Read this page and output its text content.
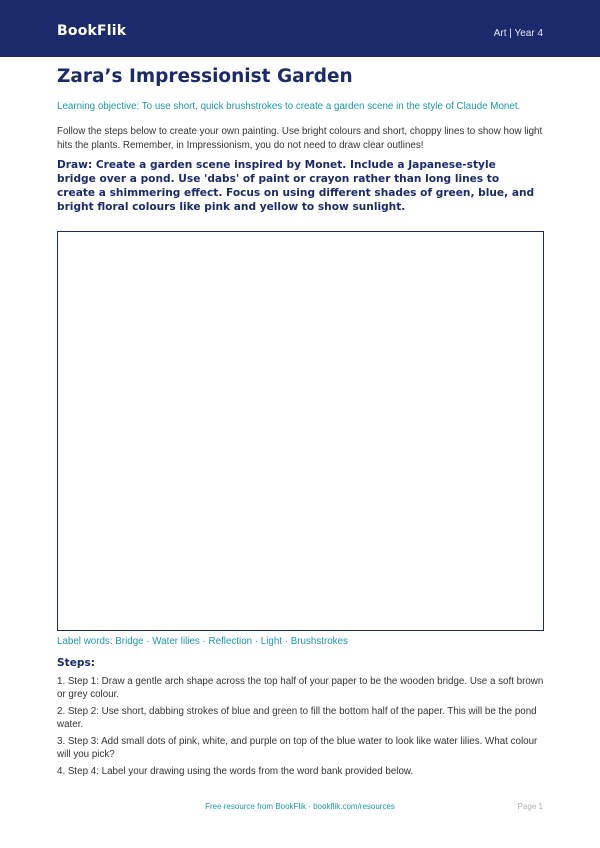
BookFlik	Art | Year 4
Zara’s Impressionist Garden

Learning objective: To use short, quick brushstrokes to create a garden scene in the style of Claude Monet.

Follow the steps below to create your own painting. Use bright colours and short, choppy lines to show how light hits the plants. Remember, in Impressionism, you do not need to draw clear outlines!

Draw: Create a garden scene inspired by Monet. Include a Japanese-style bridge over a pond. Use 'dabs' of paint or crayon rather than long lines to create a shimmering effect. Focus on using different shades of green, blue, and bright floral colours like pink and yellow to show sunlight.

Label words: Bridge · Water lilies · Reflection · Light · Brushstrokes

Steps:
1. Step 1: Draw a gentle arch shape across the top half of your paper to be the wooden bridge. Use a soft brown or grey colour.
2. Step 2: Use short, dabbing strokes of blue and green to fill the bottom half of the paper. This will be the pond water.
3. Step 3: Add small dots of pink, white, and purple on top of the blue water to look like water lilies. What colour will you pick?
4. Step 4: Label your drawing using the words from the word bank provided below.
Free resource from BookFlik · bookflik.com/resources	Page 1
